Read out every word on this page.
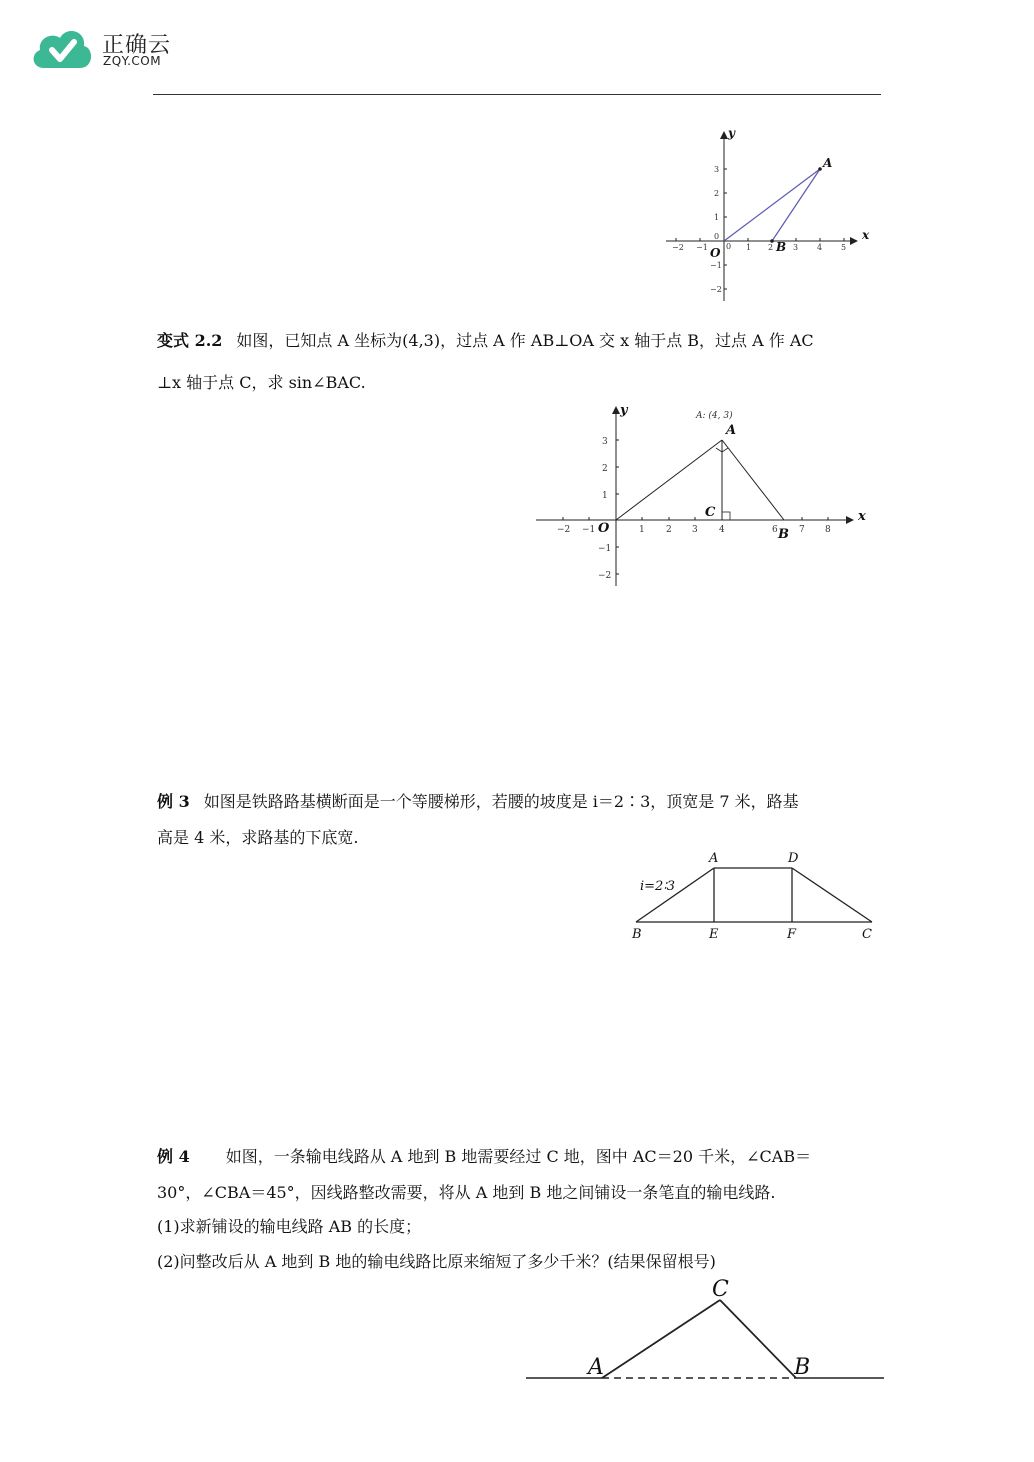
正确云
ZQY.COM
−2 −1 0 1 2 3 4 5
3
2
1
0
−1
−2
x
y
O
A
B
变式 2.2 如图，已知点 A 坐标为(4,3)，过点 A 作 AB⊥OA 交 x 轴于点 B，过点 A 作 AC
⊥x 轴于点 C，求 sin∠BAC.
−2 −1	1 2 3 4	6 7 8
3
2
1
−1
−2
A: (4, 3)
x
y
A
B
C
O
例 3 如图是铁路路基横断面是一个等腰梯形，若腰的坡度是 i＝2∶3，顶宽是 7 米，路基
高是 4 米，求路基的下底宽.
i=2∶3
A	D
B	E	F	C
例 4 如图，一条输电线路从 A 地到 B 地需要经过 C 地，图中 AC＝20 千米，∠CAB＝
30°，∠CBA＝45°，因线路整改需要，将从 A 地到 B 地之间铺设一条笔直的输电线路.
(1)求新铺设的输电线路 AB 的长度；
(2)问整改后从 A 地到 B 地的输电线路比原来缩短了多少千米？(结果保留根号)
A	B
C
